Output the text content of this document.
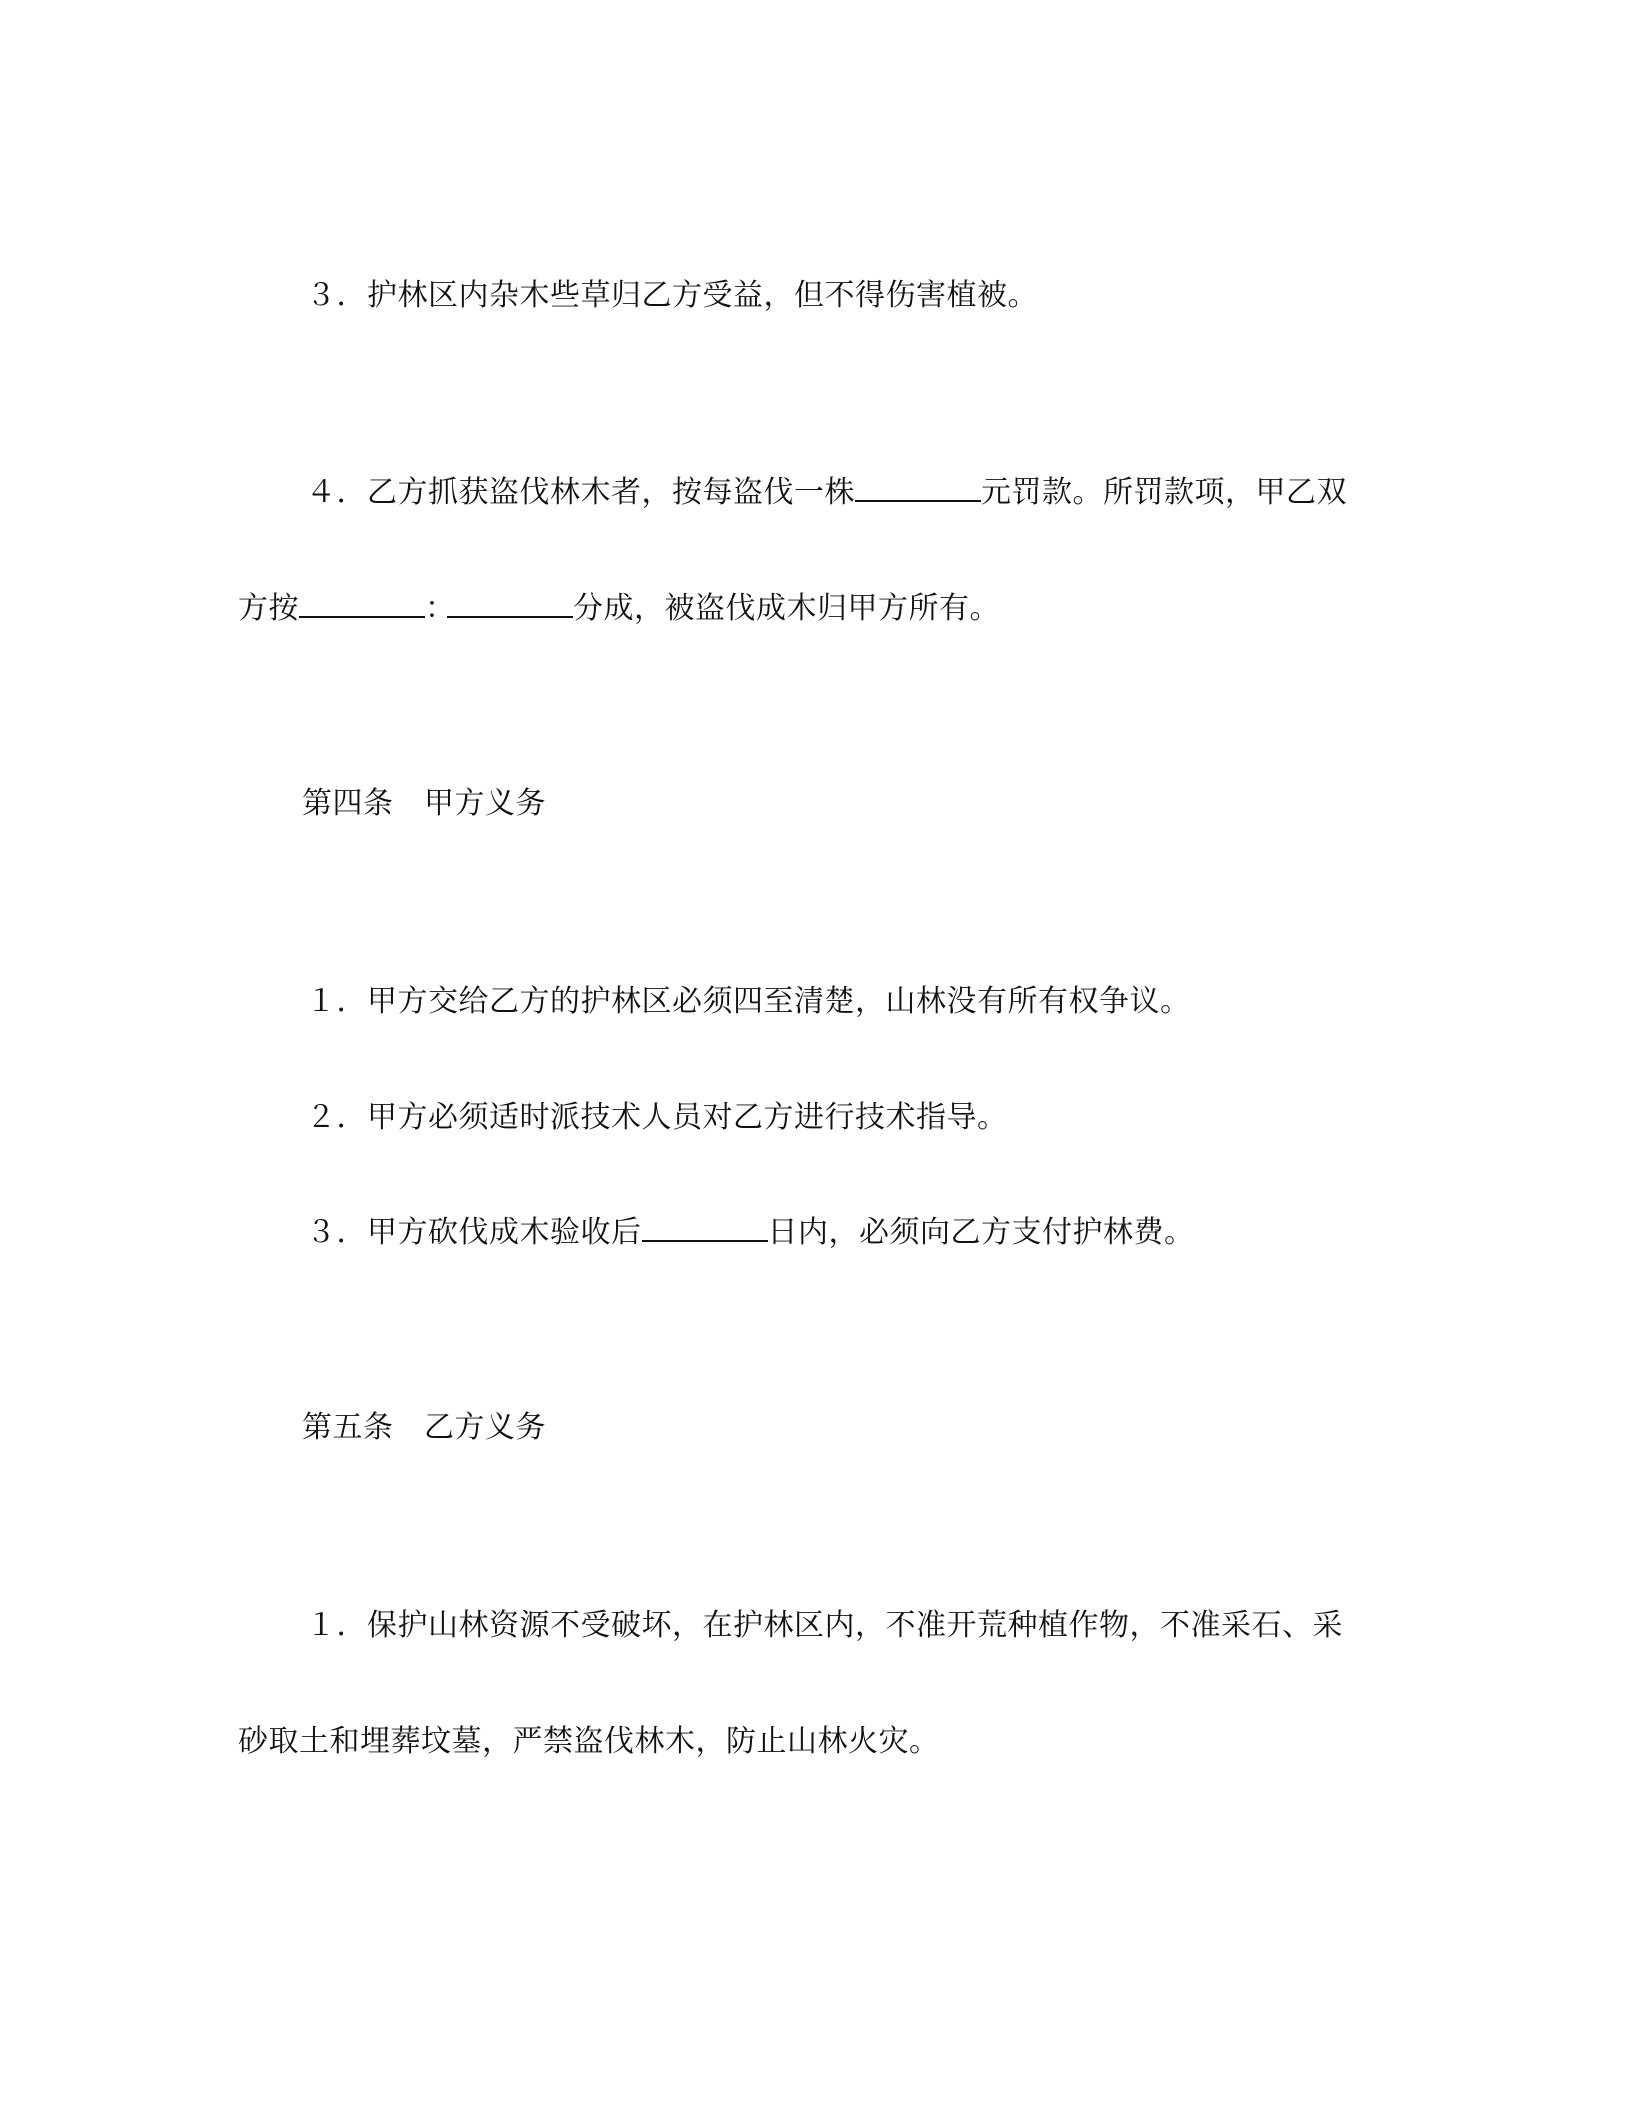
３．护林区内杂木些草归乙方受益，但不得伤害植被。
４．乙方抓获盗伐林木者，按每盗伐一株	元罚款。所罚款项，甲乙双
方按	：	分成，被盗伐成木归甲方所有。
第四条　甲方义务
１．甲方交给乙方的护林区必须四至清楚，山林没有所有权争议。
２．甲方必须适时派技术人员对乙方进行技术指导。
３．甲方砍伐成木验收后	日内，必须向乙方支付护林费。
第五条　乙方义务
１．保护山林资源不受破坏，在护林区内，不准开荒种植作物，不准采石、采
砂取土和埋葬坟墓，严禁盗伐林木，防止山林火灾。
